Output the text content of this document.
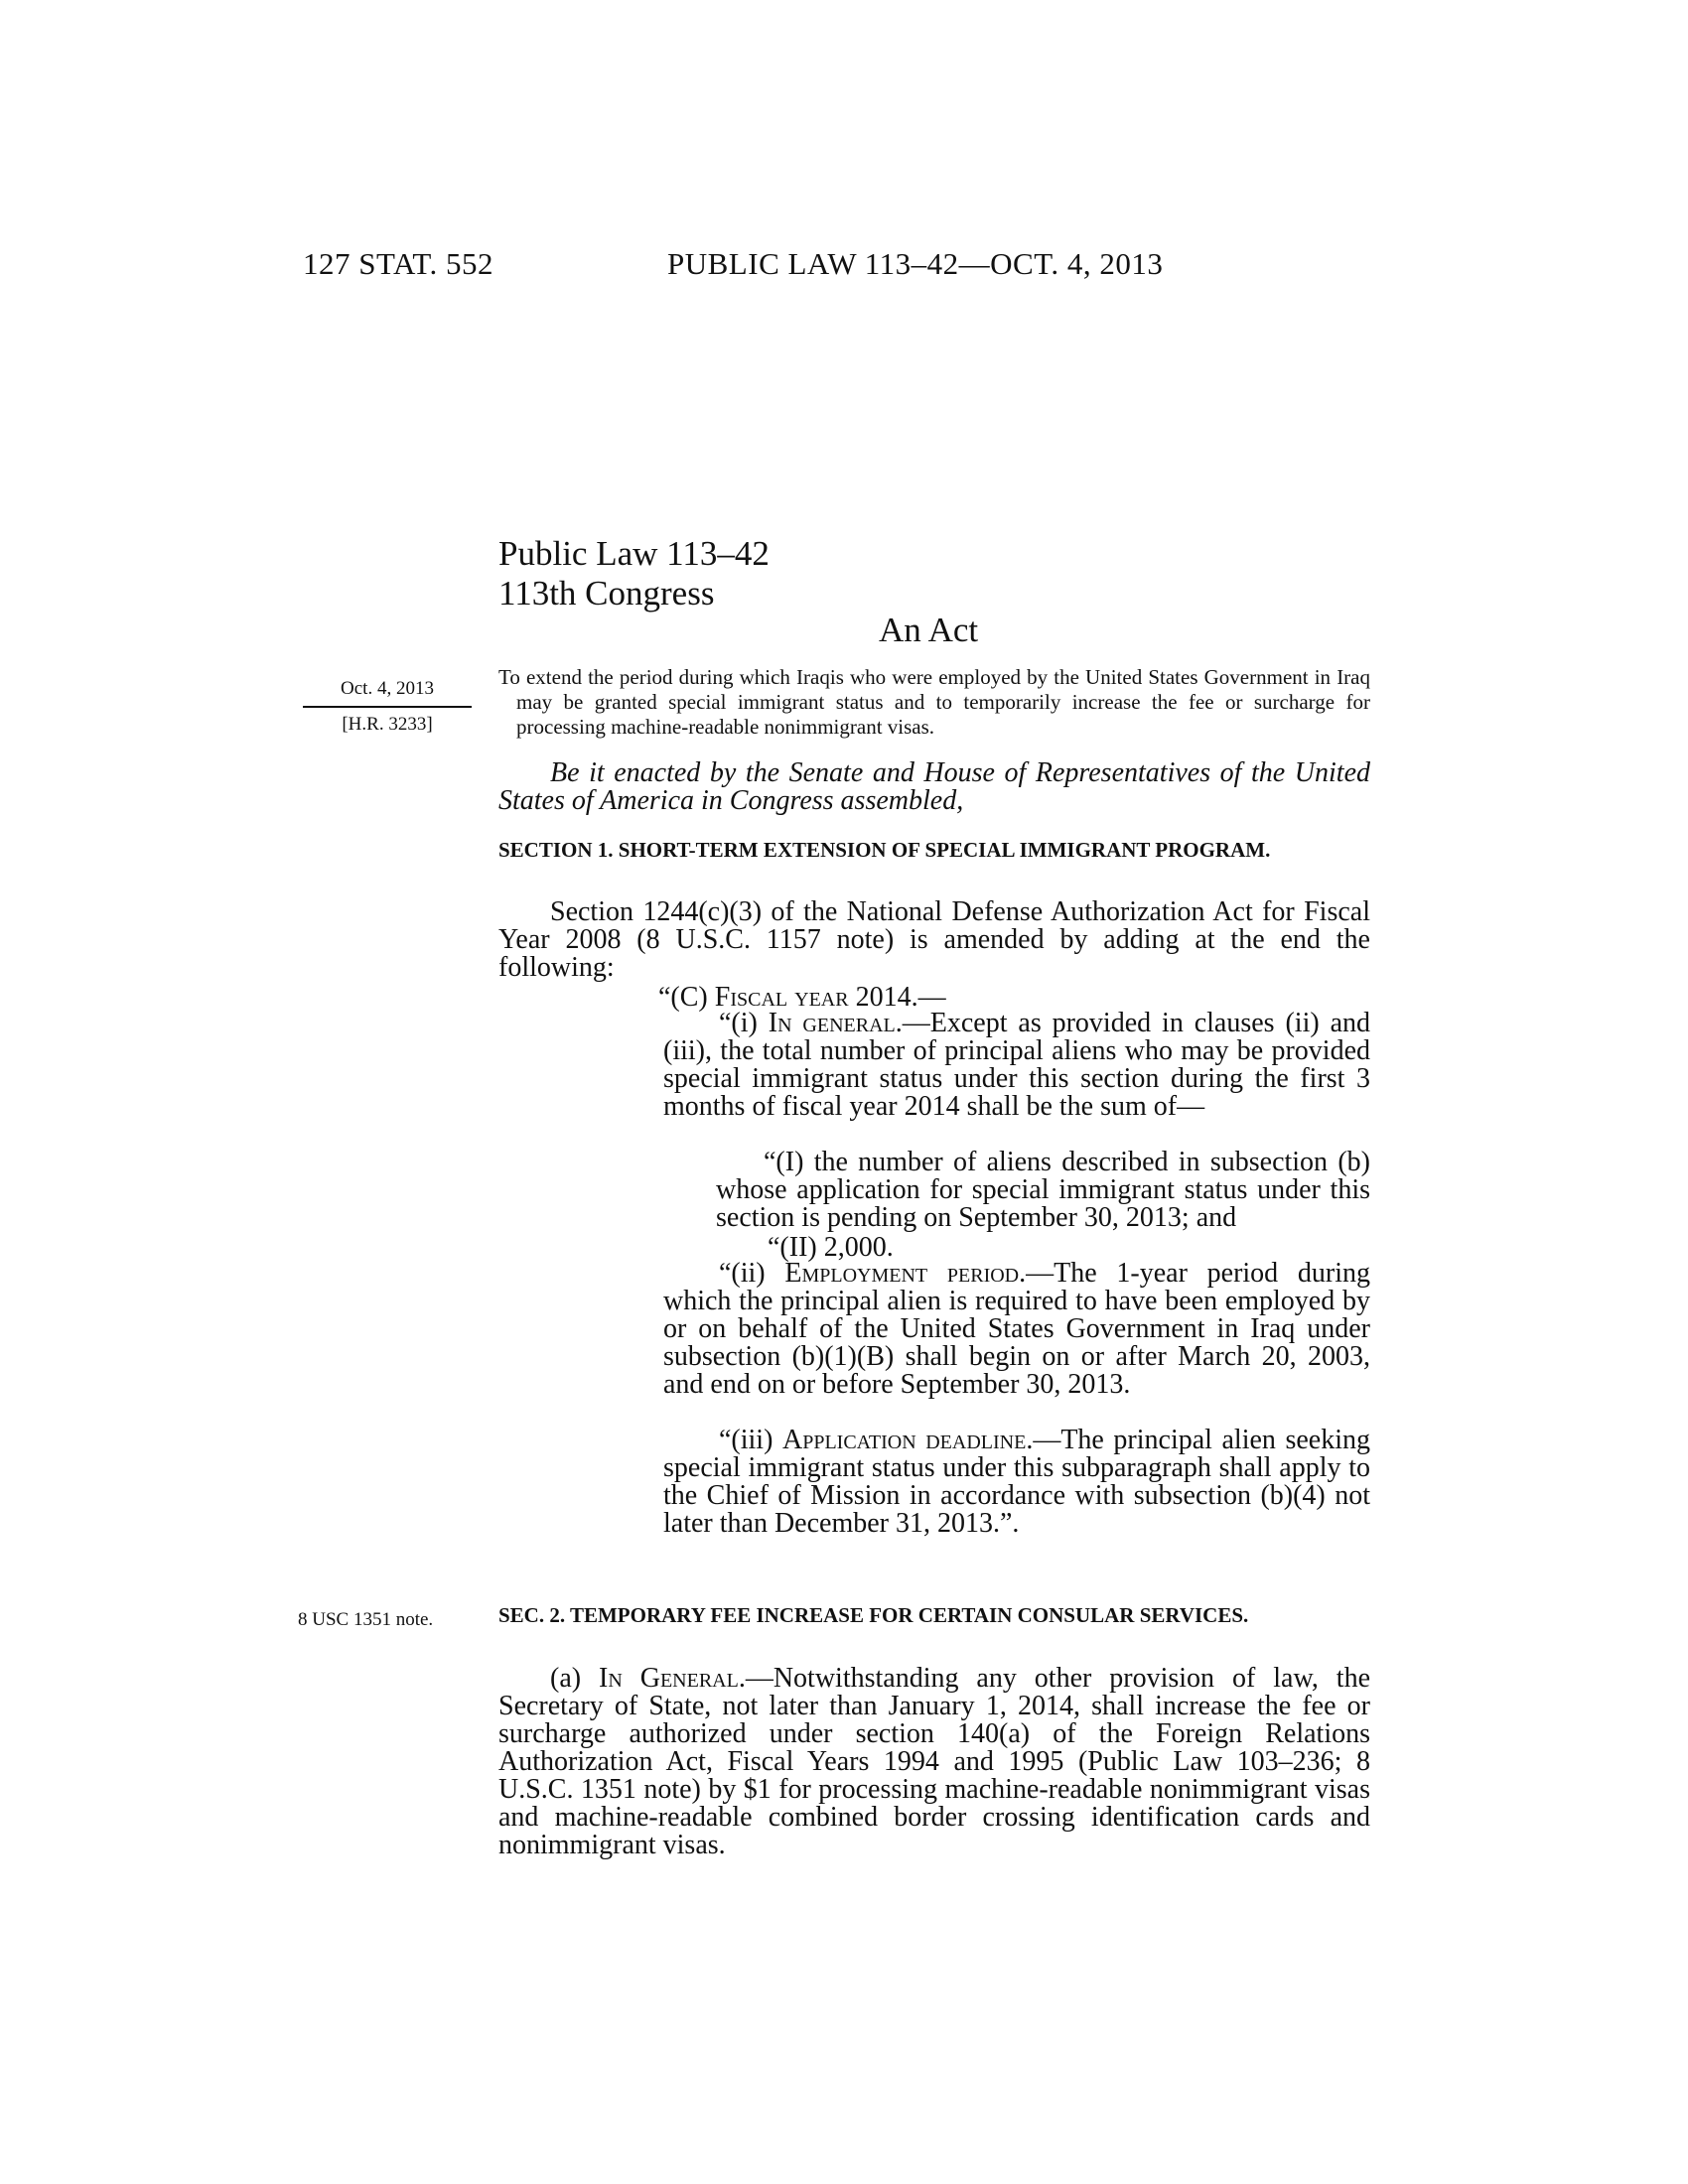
127 STAT. 552	PUBLIC LAW 113–42—OCT. 4, 2013
Public Law 113–42
113th Congress
An Act
Oct. 4, 2013
[H.R. 3233]
To extend the period during which Iraqis who were employed by the United States Government in Iraq may be granted special immigrant status and to temporarily increase the fee or surcharge for processing machine-readable nonimmigrant visas.
Be it enacted by the Senate and House of Representatives of the United States of America in Congress assembled,
SECTION 1. SHORT-TERM EXTENSION OF SPECIAL IMMIGRANT PROGRAM.
Section 1244(c)(3) of the National Defense Authorization Act for Fiscal Year 2008 (8 U.S.C. 1157 note) is amended by adding at the end the following:
“(C) Fiscal year 2014.—
“(i) In general.—Except as provided in clauses (ii) and (iii), the total number of principal aliens who may be provided special immigrant status under this section during the first 3 months of fiscal year 2014 shall be the sum of—
“(I) the number of aliens described in subsection (b) whose application for special immigrant status under this section is pending on September 30, 2013; and
“(II) 2,000.
“(ii) Employment period.—The 1-year period during which the principal alien is required to have been employed by or on behalf of the United States Government in Iraq under subsection (b)(1)(B) shall begin on or after March 20, 2003, and end on or before September 30, 2013.
“(iii) Application deadline.—The principal alien seeking special immigrant status under this subparagraph shall apply to the Chief of Mission in accordance with subsection (b)(4) not later than December 31, 2013.”.
8 USC 1351 note.	SEC. 2. TEMPORARY FEE INCREASE FOR CERTAIN CONSULAR SERVICES.
(a) In General.—Notwithstanding any other provision of law, the Secretary of State, not later than January 1, 2014, shall increase the fee or surcharge authorized under section 140(a) of the Foreign Relations Authorization Act, Fiscal Years 1994 and 1995 (Public Law 103–236; 8 U.S.C. 1351 note) by $1 for processing machine-readable nonimmigrant visas and machine-readable combined border crossing identification cards and nonimmigrant visas.
